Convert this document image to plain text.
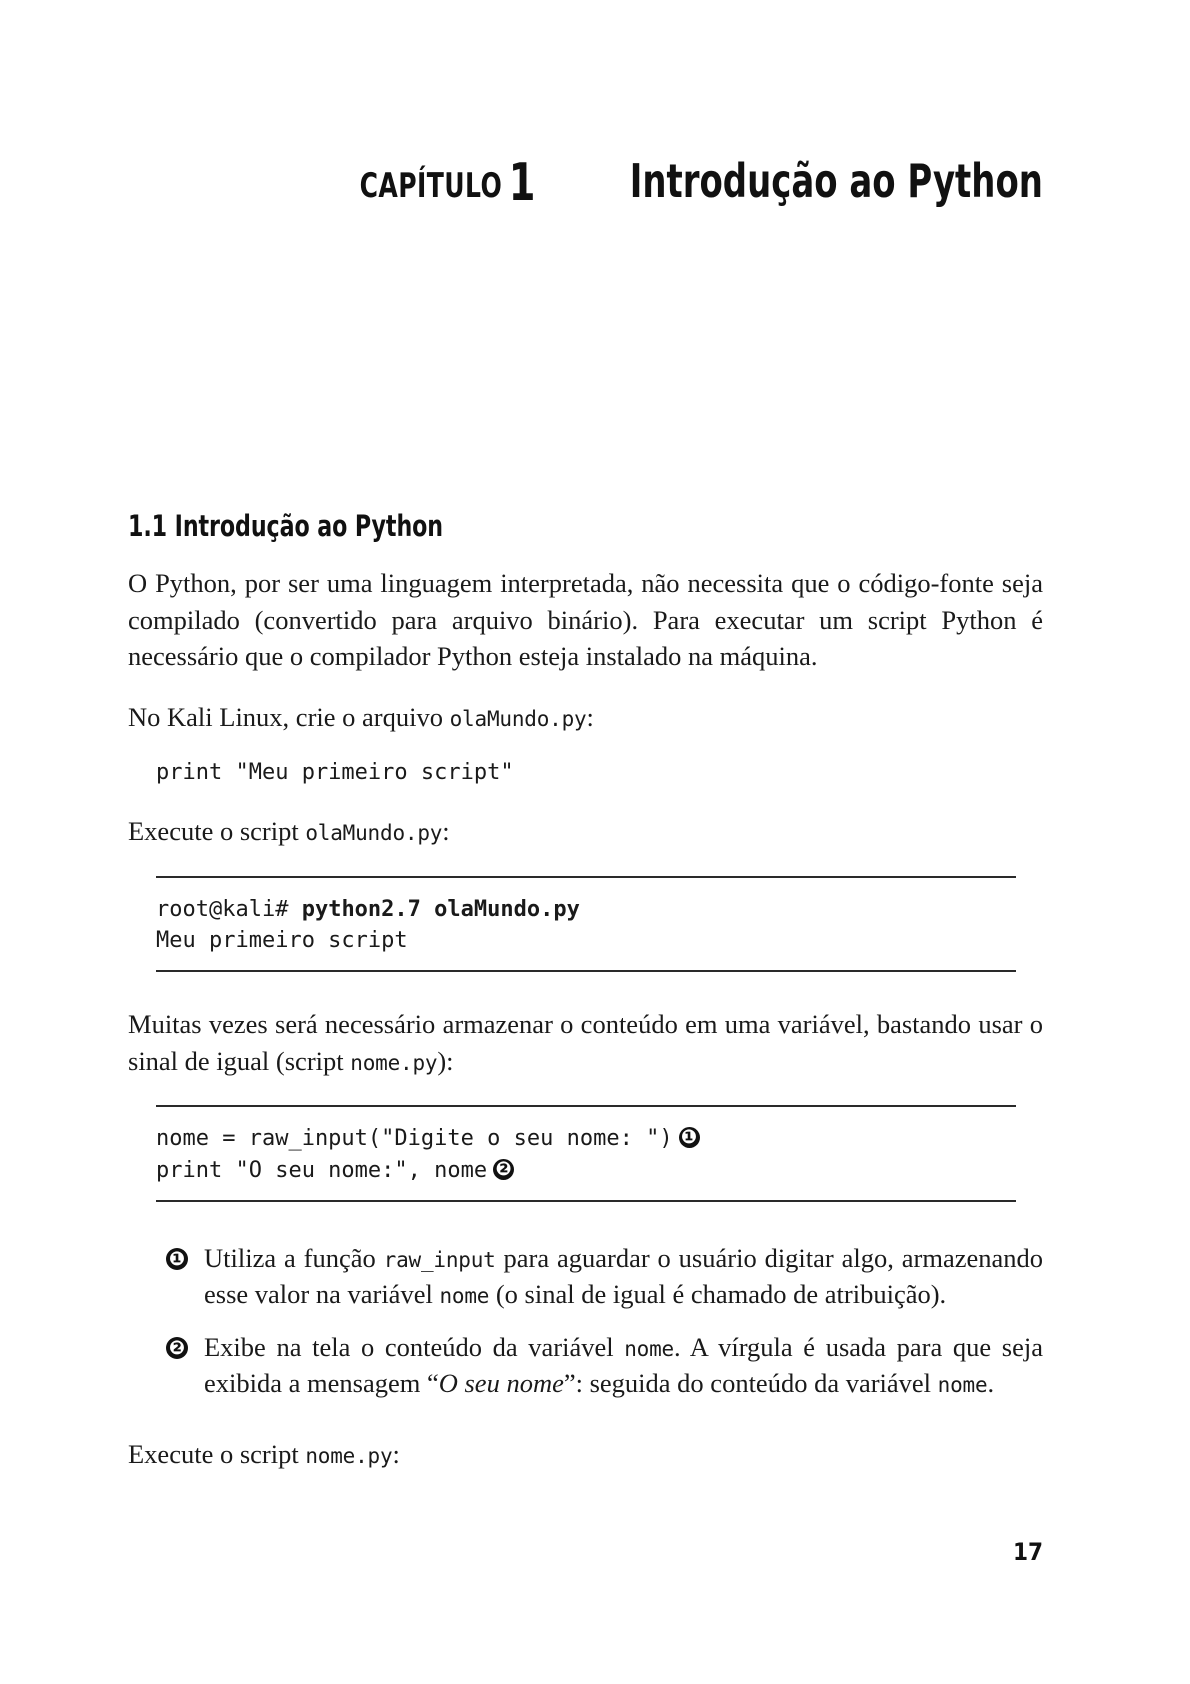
CAPÍTULO 1 Introdução ao Python
1.1 Introdução ao Python

O Python, por ser uma linguagem interpretada, não necessita que o código-fonte seja compilado (convertido para arquivo binário). Para executar um script Python é necessário que o compilador Python esteja instalado na máquina.

No Kali Linux, crie o arquivo olaMundo.py:

print "Meu primeiro script"

Execute o script olaMundo.py:

root@kali# python2.7 olaMundo.py
Meu primeiro script

Muitas vezes será necessário armazenar o conteúdo em uma variável, bastando usar o sinal de igual (script nome.py):

nome = raw_input("Digite o seu nome: ") ❶
print "O seu nome:", nome ❷
❶ Utiliza a função raw_input para aguardar o usuário digitar algo, armazenando esse valor na variável nome (o sinal de igual é chamado de atribuição).
❷ Exibe na tela o conteúdo da variável nome. A vírgula é usada para que seja exibida a mensagem “O seu nome”: seguida do conteúdo da variável nome.

Execute o script nome.py:

17
